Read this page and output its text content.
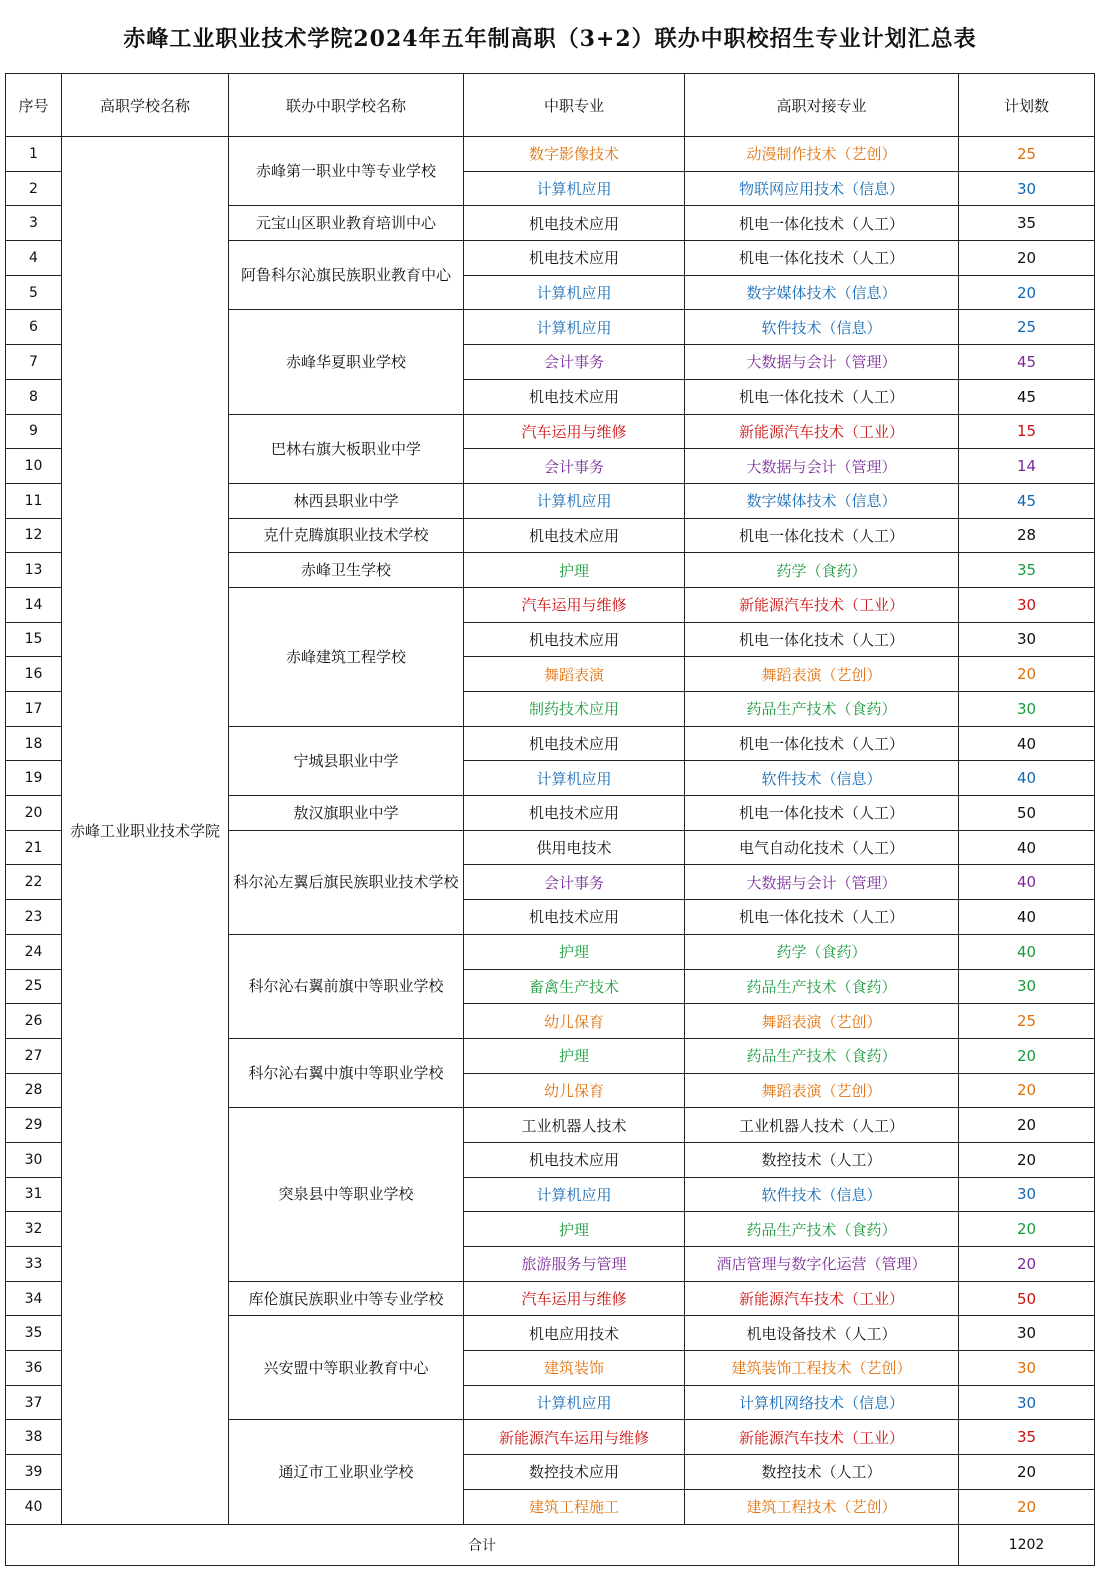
赤峰工业职业技术学院2024年五年制高职（3+2）联办中职校招生专业计划汇总表
序号	高职学校名称	联办中职学校名称	中职专业	高职对接专业	计划数
1	赤峰工业职业技术学院	赤峰第一职业中等专业学校	数字影像技术	动漫制作技术（艺创）	25
2			计算机应用	物联网应用技术（信息）	30
3		元宝山区职业教育培训中心	机电技术应用	机电一体化技术（人工）	35
4		阿鲁科尔沁旗民族职业教育中心	机电技术应用	机电一体化技术（人工）	20
5			计算机应用	数字媒体技术（信息）	20
6		赤峰华夏职业学校	计算机应用	软件技术（信息）	25
7			会计事务	大数据与会计（管理）	45
8			机电技术应用	机电一体化技术（人工）	45
9		巴林右旗大板职业中学	汽车运用与维修	新能源汽车技术（工业）	15
10			会计事务	大数据与会计（管理）	14
11		林西县职业中学	计算机应用	数字媒体技术（信息）	45
12		克什克腾旗职业技术学校	机电技术应用	机电一体化技术（人工）	28
13		赤峰卫生学校	护理	药学（食药）	35
14		赤峰建筑工程学校	汽车运用与维修	新能源汽车技术（工业）	30
15			机电技术应用	机电一体化技术（人工）	30
16			舞蹈表演	舞蹈表演（艺创）	20
17			制药技术应用	药品生产技术（食药）	30
18		宁城县职业中学	机电技术应用	机电一体化技术（人工）	40
19			计算机应用	软件技术（信息）	40
20		敖汉旗职业中学	机电技术应用	机电一体化技术（人工）	50
21		科尔沁左翼后旗民族职业技术学校	供用电技术	电气自动化技术（人工）	40
22			会计事务	大数据与会计（管理）	40
23			机电技术应用	机电一体化技术（人工）	40
24		科尔沁右翼前旗中等职业学校	护理	药学（食药）	40
25			畜禽生产技术	药品生产技术（食药）	30
26			幼儿保育	舞蹈表演（艺创）	25
27		科尔沁右翼中旗中等职业学校	护理	药品生产技术（食药）	20
28			幼儿保育	舞蹈表演（艺创）	20
29		突泉县中等职业学校	工业机器人技术	工业机器人技术（人工）	20
30			机电技术应用	数控技术（人工）	20
31			计算机应用	软件技术（信息）	30
32			护理	药品生产技术（食药）	20
33			旅游服务与管理	酒店管理与数字化运营（管理）	20
34		库伦旗民族职业中等专业学校	汽车运用与维修	新能源汽车技术（工业）	50
35		兴安盟中等职业教育中心	机电应用技术	机电设备技术（人工）	30
36			建筑装饰	建筑装饰工程技术（艺创）	30
37			计算机应用	计算机网络技术（信息）	30
38		通辽市工业职业学校	新能源汽车运用与维修	新能源汽车技术（工业）	35
39			数控技术应用	数控技术（人工）	20
40			建筑工程施工	建筑工程技术（艺创）	20
合计					1202
